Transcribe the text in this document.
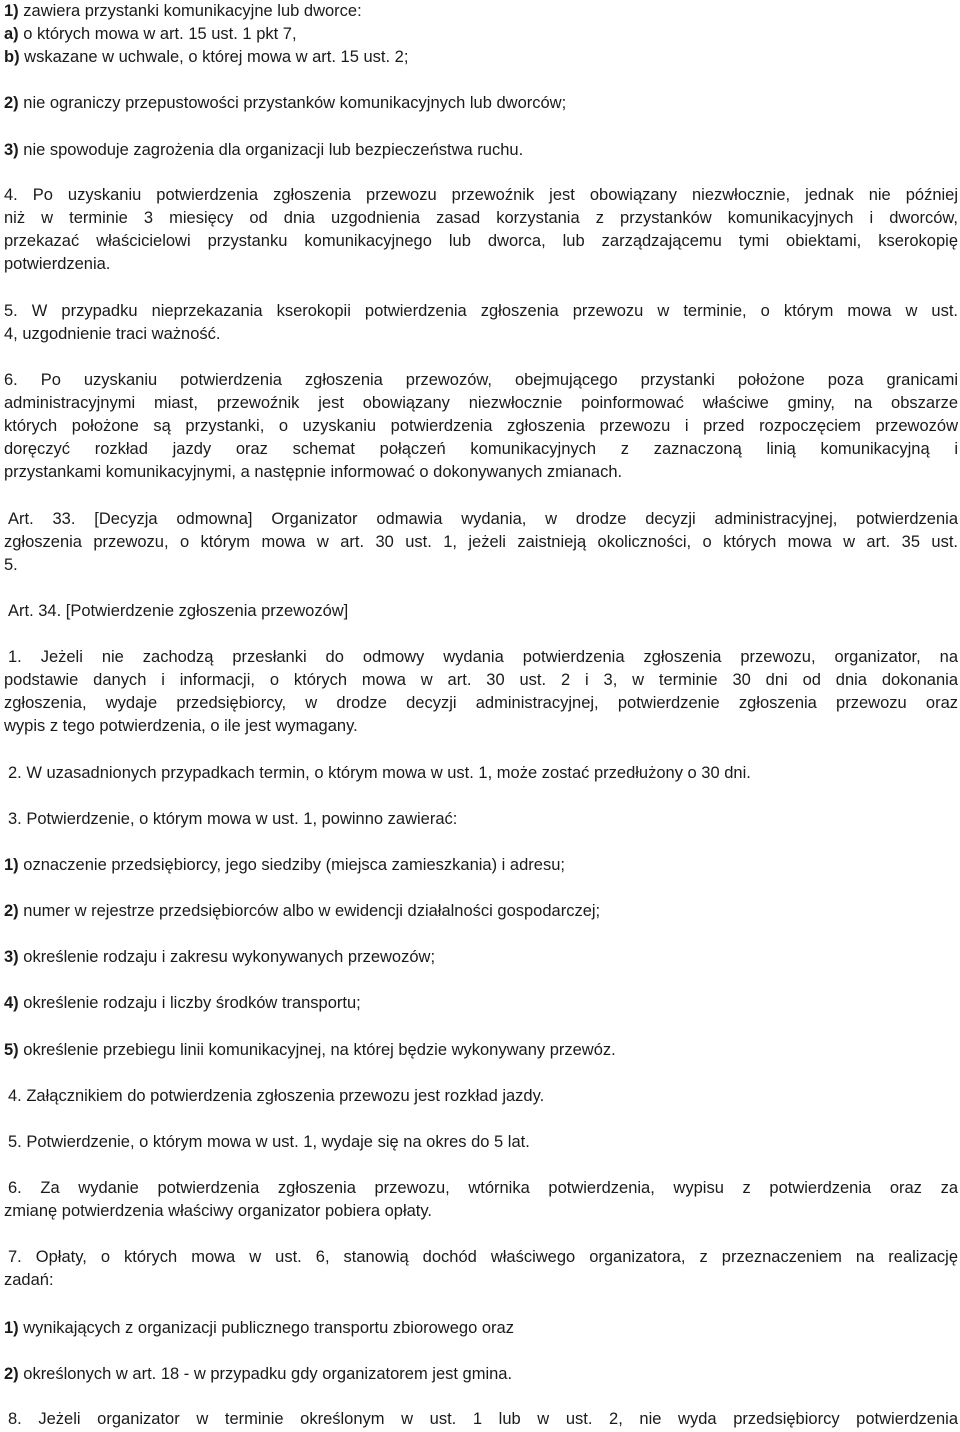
1) zawiera przystanki komunikacyjne lub dworce:
a) o których mowa w art. 15 ust. 1 pkt 7,
b) wskazane w uchwale, o której mowa w art. 15 ust. 2;
2) nie ograniczy przepustowości przystanków komunikacyjnych lub dworców;
3) nie spowoduje zagrożenia dla organizacji lub bezpieczeństwa ruchu.
4. Po uzyskaniu potwierdzenia zgłoszenia przewozu przewoźnik jest obowiązany niezwłocznie, jednak nie później
niż w terminie 3 miesięcy od dnia uzgodnienia zasad korzystania z przystanków komunikacyjnych i dworców,
przekazać właścicielowi przystanku komunikacyjnego lub dworca, lub zarządzającemu tymi obiektami, kserokopię
potwierdzenia.
5. W przypadku nieprzekazania kserokopii potwierdzenia zgłoszenia przewozu w terminie, o którym mowa w ust.
4, uzgodnienie traci ważność.
6. Po uzyskaniu potwierdzenia zgłoszenia przewozów, obejmującego przystanki położone poza granicami
administracyjnymi miast, przewoźnik jest obowiązany niezwłocznie poinformować właściwe gminy, na obszarze
których położone są przystanki, o uzyskaniu potwierdzenia zgłoszenia przewozu i przed rozpoczęciem przewozów
doręczyć rozkład jazdy oraz schemat połączeń komunikacyjnych z zaznaczoną linią komunikacyjną i
przystankami komunikacyjnymi, a następnie informować o dokonywanych zmianach.
Art. 33. [Decyzja odmowna] Organizator odmawia wydania, w drodze decyzji administracyjnej, potwierdzenia
zgłoszenia przewozu, o którym mowa w art. 30 ust. 1, jeżeli zaistnieją okoliczności, o których mowa w art. 35 ust.
5.
Art. 34. [Potwierdzenie zgłoszenia przewozów]
1. Jeżeli nie zachodzą przesłanki do odmowy wydania potwierdzenia zgłoszenia przewozu, organizator, na
podstawie danych i informacji, o których mowa w art. 30 ust. 2 i 3, w terminie 30 dni od dnia dokonania
zgłoszenia, wydaje przedsiębiorcy, w drodze decyzji administracyjnej, potwierdzenie zgłoszenia przewozu oraz
wypis z tego potwierdzenia, o ile jest wymagany.
2. W uzasadnionych przypadkach termin, o którym mowa w ust. 1, może zostać przedłużony o 30 dni.
3. Potwierdzenie, o którym mowa w ust. 1, powinno zawierać:
1) oznaczenie przedsiębiorcy, jego siedziby (miejsca zamieszkania) i adresu;
2) numer w rejestrze przedsiębiorców albo w ewidencji działalności gospodarczej;
3) określenie rodzaju i zakresu wykonywanych przewozów;
4) określenie rodzaju i liczby środków transportu;
5) określenie przebiegu linii komunikacyjnej, na której będzie wykonywany przewóz.
4. Załącznikiem do potwierdzenia zgłoszenia przewozu jest rozkład jazdy.
5. Potwierdzenie, o którym mowa w ust. 1, wydaje się na okres do 5 lat.
6. Za wydanie potwierdzenia zgłoszenia przewozu, wtórnika potwierdzenia, wypisu z potwierdzenia oraz za
zmianę potwierdzenia właściwy organizator pobiera opłaty.
7. Opłaty, o których mowa w ust. 6, stanowią dochód właściwego organizatora, z przeznaczeniem na realizację
zadań:
1) wynikających z organizacji publicznego transportu zbiorowego oraz
2) określonych w art. 18 - w przypadku gdy organizatorem jest gmina.
8. Jeżeli organizator w terminie określonym w ust. 1 lub w ust. 2, nie wyda przedsiębiorcy potwierdzenia
